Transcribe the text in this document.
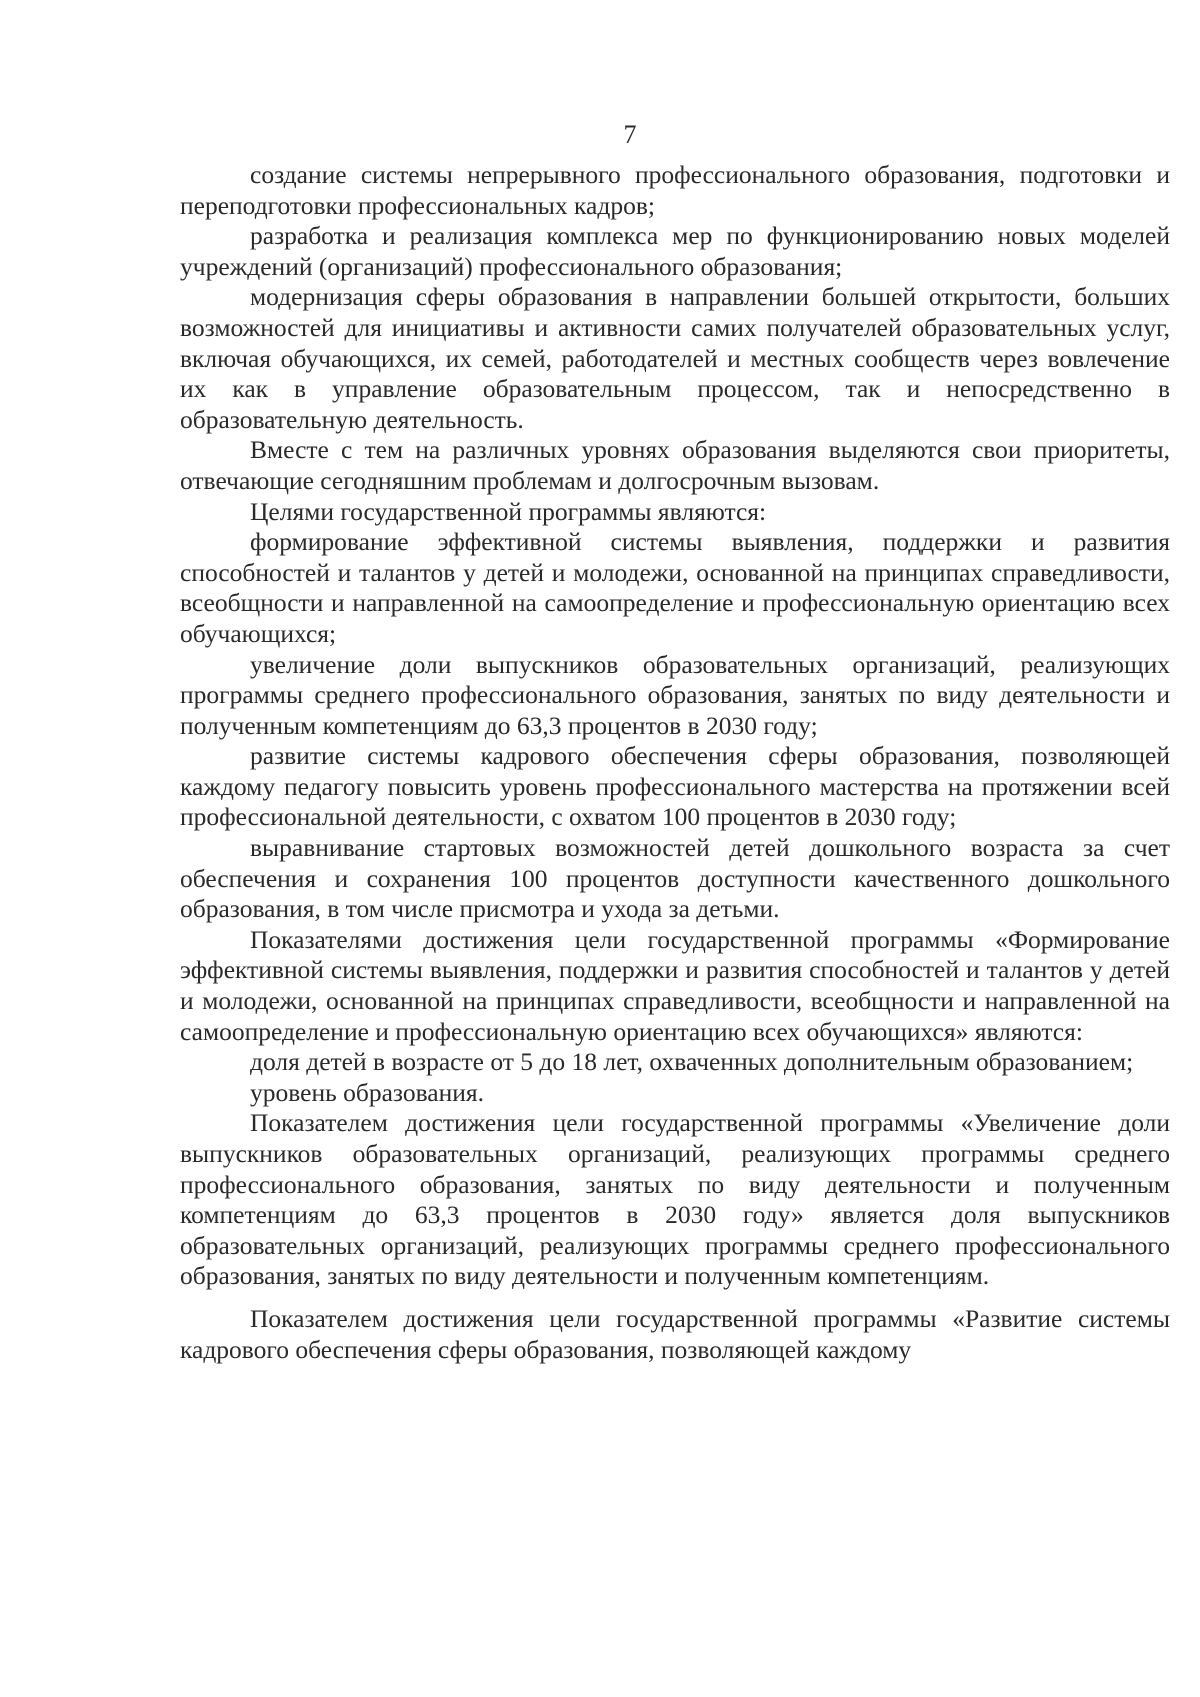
7

создание системы непрерывного профессионального образования, подготовки и переподготовки профессиональных кадров;

разработка и реализация комплекса мер по функционированию новых моделей учреждений (организаций) профессионального образования;

модернизация сферы образования в направлении большей открытости, больших возможностей для инициативы и активности самих получателей образовательных услуг, включая обучающихся, их семей, работодателей и местных сообществ через вовлечение их как в управление образовательным процессом, так и непосредственно в образовательную деятельность.

Вместе с тем на различных уровнях образования выделяются свои приоритеты, отвечающие сегодняшним проблемам и долгосрочным вызовам.

Целями государственной программы являются:

формирование эффективной системы выявления, поддержки и развития способностей и талантов у детей и молодежи, основанной на принципах справедливости, всеобщности и направленной на самоопределение и профессиональную ориентацию всех обучающихся;

увеличение доли выпускников образовательных организаций, реализующих программы среднего профессионального образования, занятых по виду деятельности и полученным компетенциям до 63,3 процентов в 2030 году;

развитие системы кадрового обеспечения сферы образования, позволяющей каждому педагогу повысить уровень профессионального мастерства на протяжении всей профессиональной деятельности, с охватом 100 процентов в 2030 году;

выравнивание стартовых возможностей детей дошкольного возраста за счет обеспечения и сохранения 100 процентов доступности качественного дошкольного образования, в том числе присмотра и ухода за детьми.

Показателями достижения цели государственной программы «Формирование эффективной системы выявления, поддержки и развития способностей и талантов у детей и молодежи, основанной на принципах справедливости, всеобщности и направленной на самоопределение и профессиональную ориентацию всех обучающихся» являются:

доля детей в возрасте от 5 до 18 лет, охваченных дополнительным образованием;

уровень образования.

Показателем достижения цели государственной программы «Увеличение доли выпускников образовательных организаций, реализующих программы среднего профессионального образования, занятых по виду деятельности и полученным компетенциям до 63,3 процентов в 2030 году» является доля выпускников образовательных организаций, реализующих программы среднего профессионального образования, занятых по виду деятельности и полученным компетенциям.

Показателем достижения цели государственной программы «Развитие системы кадрового обеспечения сферы образования, позволяющей каждому
